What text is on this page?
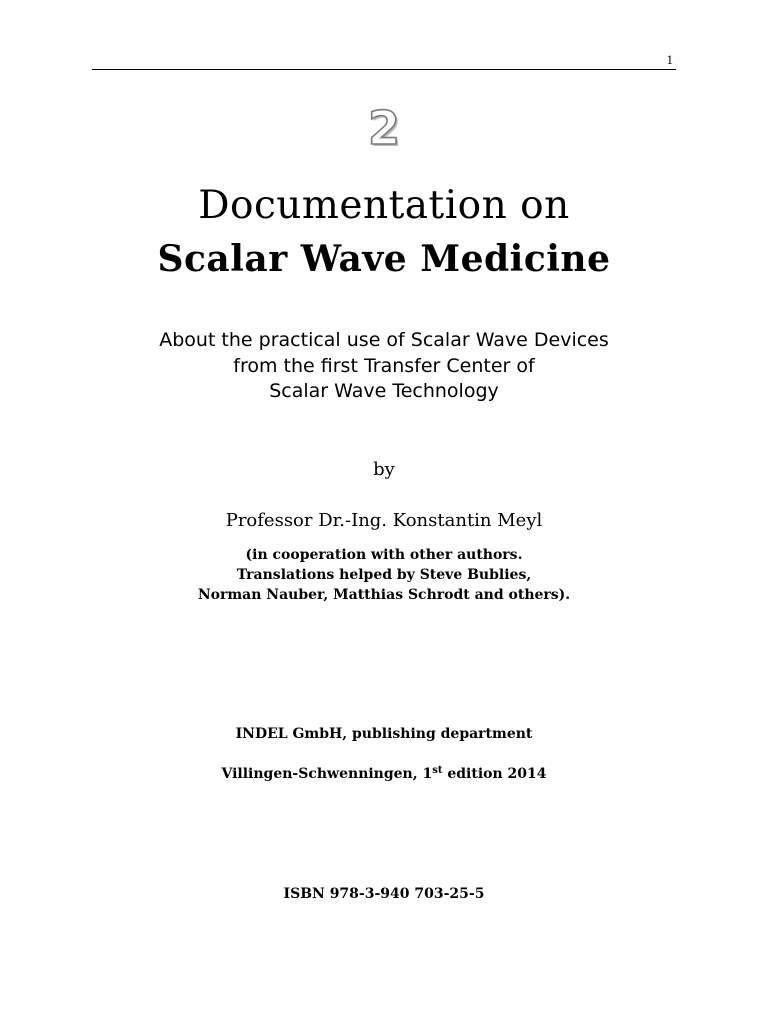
1
2
Documentation on
Scalar Wave Medicine
About the practical use of Scalar Wave Devices
from the first Transfer Center of
Scalar Wave Technology
by
Professor Dr.-Ing. Konstantin Meyl
(in cooperation with other authors.
Translations helped by Steve Bublies,
Norman Nauber, Matthias Schrodt and others).
INDEL GmbH, publishing department
Villingen-Schwenningen, 1st edition 2014
ISBN 978-3-940 703-25-5
